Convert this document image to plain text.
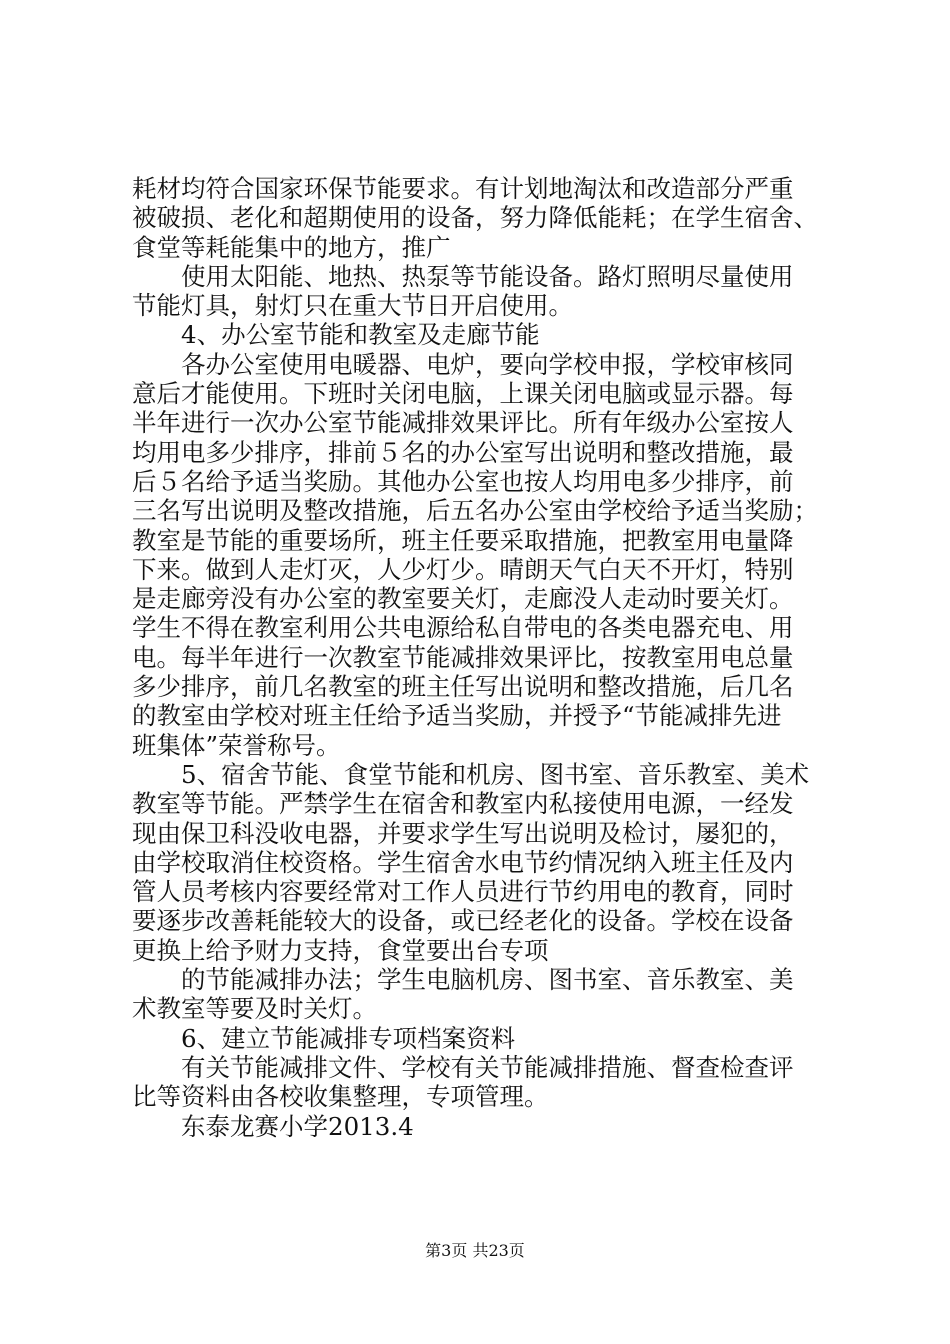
耗材均符合国家环保节能要求。有计划地淘汰和改造部分严重
被破损、老化和超期使用的设备，努力降低能耗；在学生宿舍、
食堂等耗能集中的地方，推广
使用太阳能、地热、热泵等节能设备。路灯照明尽量使用
节能灯具，射灯只在重大节日开启使用。
4、办公室节能和教室及走廊节能
各办公室使用电暖器、电炉，要向学校申报，学校审核同
意后才能使用。下班时关闭电脑，上课关闭电脑或显示器。每
半年进行一次办公室节能减排效果评比。所有年级办公室按人
均用电多少排序，排前５名的办公室写出说明和整改措施，最
后５名给予适当奖励。其他办公室也按人均用电多少排序，前
三名写出说明及整改措施，后五名办公室由学校给予适当奖励；
教室是节能的重要场所，班主任要采取措施，把教室用电量降
下来。做到人走灯灭，人少灯少。晴朗天气白天不开灯，特别
是走廊旁没有办公室的教室要关灯，走廊没人走动时要关灯。
学生不得在教室利用公共电源给私自带电的各类电器充电、用
电。每半年进行一次教室节能减排效果评比，按教室用电总量
多少排序，前几名教室的班主任写出说明和整改措施，后几名
的教室由学校对班主任给予适当奖励，并授予“节能减排先进
班集体”荣誉称号。
5、宿舍节能、食堂节能和机房、图书室、音乐教室、美术
教室等节能。严禁学生在宿舍和教室内私接使用电源，一经发
现由保卫科没收电器，并要求学生写出说明及检讨，屡犯的，
由学校取消住校资格。学生宿舍水电节约情况纳入班主任及内
管人员考核内容要经常对工作人员进行节约用电的教育，同时
要逐步改善耗能较大的设备，或已经老化的设备。学校在设备
更换上给予财力支持，食堂要出台专项
的节能减排办法；学生电脑机房、图书室、音乐教室、美
术教室等要及时关灯。
6、建立节能减排专项档案资料
有关节能减排文件、学校有关节能减排措施、督查检查评
比等资料由各校收集整理，专项管理。
东泰龙赛小学2013.4
第3页 共23页
